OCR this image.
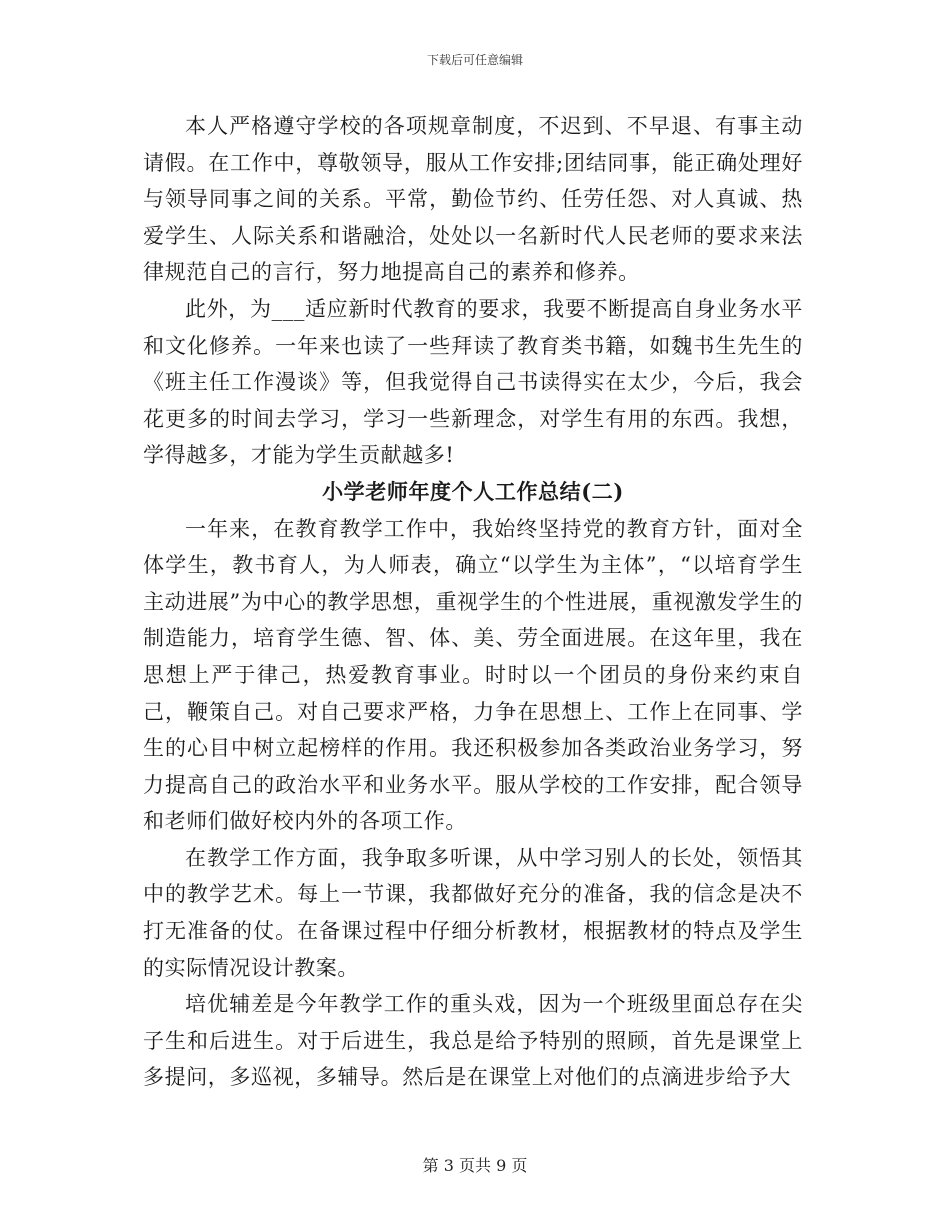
下载后可任意编辑

本人严格遵守学校的各项规章制度，不迟到、不早退、有事主动请假。在工作中，尊敬领导，服从工作安排;团结同事，能正确处理好与领导同事之间的关系。平常，勤俭节约、任劳任怨、对人真诚、热爱学生、人际关系和谐融洽，处处以一名新时代人民老师的要求来法律规范自己的言行，努力地提高自己的素养和修养。

此外，为___适应新时代教育的要求，我要不断提高自身业务水平和文化修养。一年来也读了一些拜读了教育类书籍，如魏书生先生的《班主任工作漫谈》等，但我觉得自己书读得实在太少，今后，我会花更多的时间去学习，学习一些新理念，对学生有用的东西。我想，学得越多，才能为学生贡献越多!

小学老师年度个人工作总结(二)

一年来，在教育教学工作中，我始终坚持党的教育方针，面对全体学生，教书育人，为人师表，确立“以学生为主体”，“以培育学生主动进展”为中心的教学思想，重视学生的个性进展，重视激发学生的制造能力，培育学生德、智、体、美、劳全面进展。在这年里，我在思想上严于律己，热爱教育事业。时时以一个团员的身份来约束自己，鞭策自己。对自己要求严格，力争在思想上、工作上在同事、学生的心目中树立起榜样的作用。我还积极参加各类政治业务学习，努力提高自己的政治水平和业务水平。服从学校的工作安排，配合领导和老师们做好校内外的各项工作。

在教学工作方面，我争取多听课，从中学习别人的长处，领悟其中的教学艺术。每上一节课，我都做好充分的准备，我的信念是决不打无准备的仗。在备课过程中仔细分析教材，根据教材的特点及学生的实际情况设计教案。

培优辅差是今年教学工作的重头戏，因为一个班级里面总存在尖子生和后进生。对于后进生，我总是给予特别的照顾，首先是课堂上多提问，多巡视，多辅导。然后是在课堂上对他们的点滴进步给予大

第 3 页共 9 页
